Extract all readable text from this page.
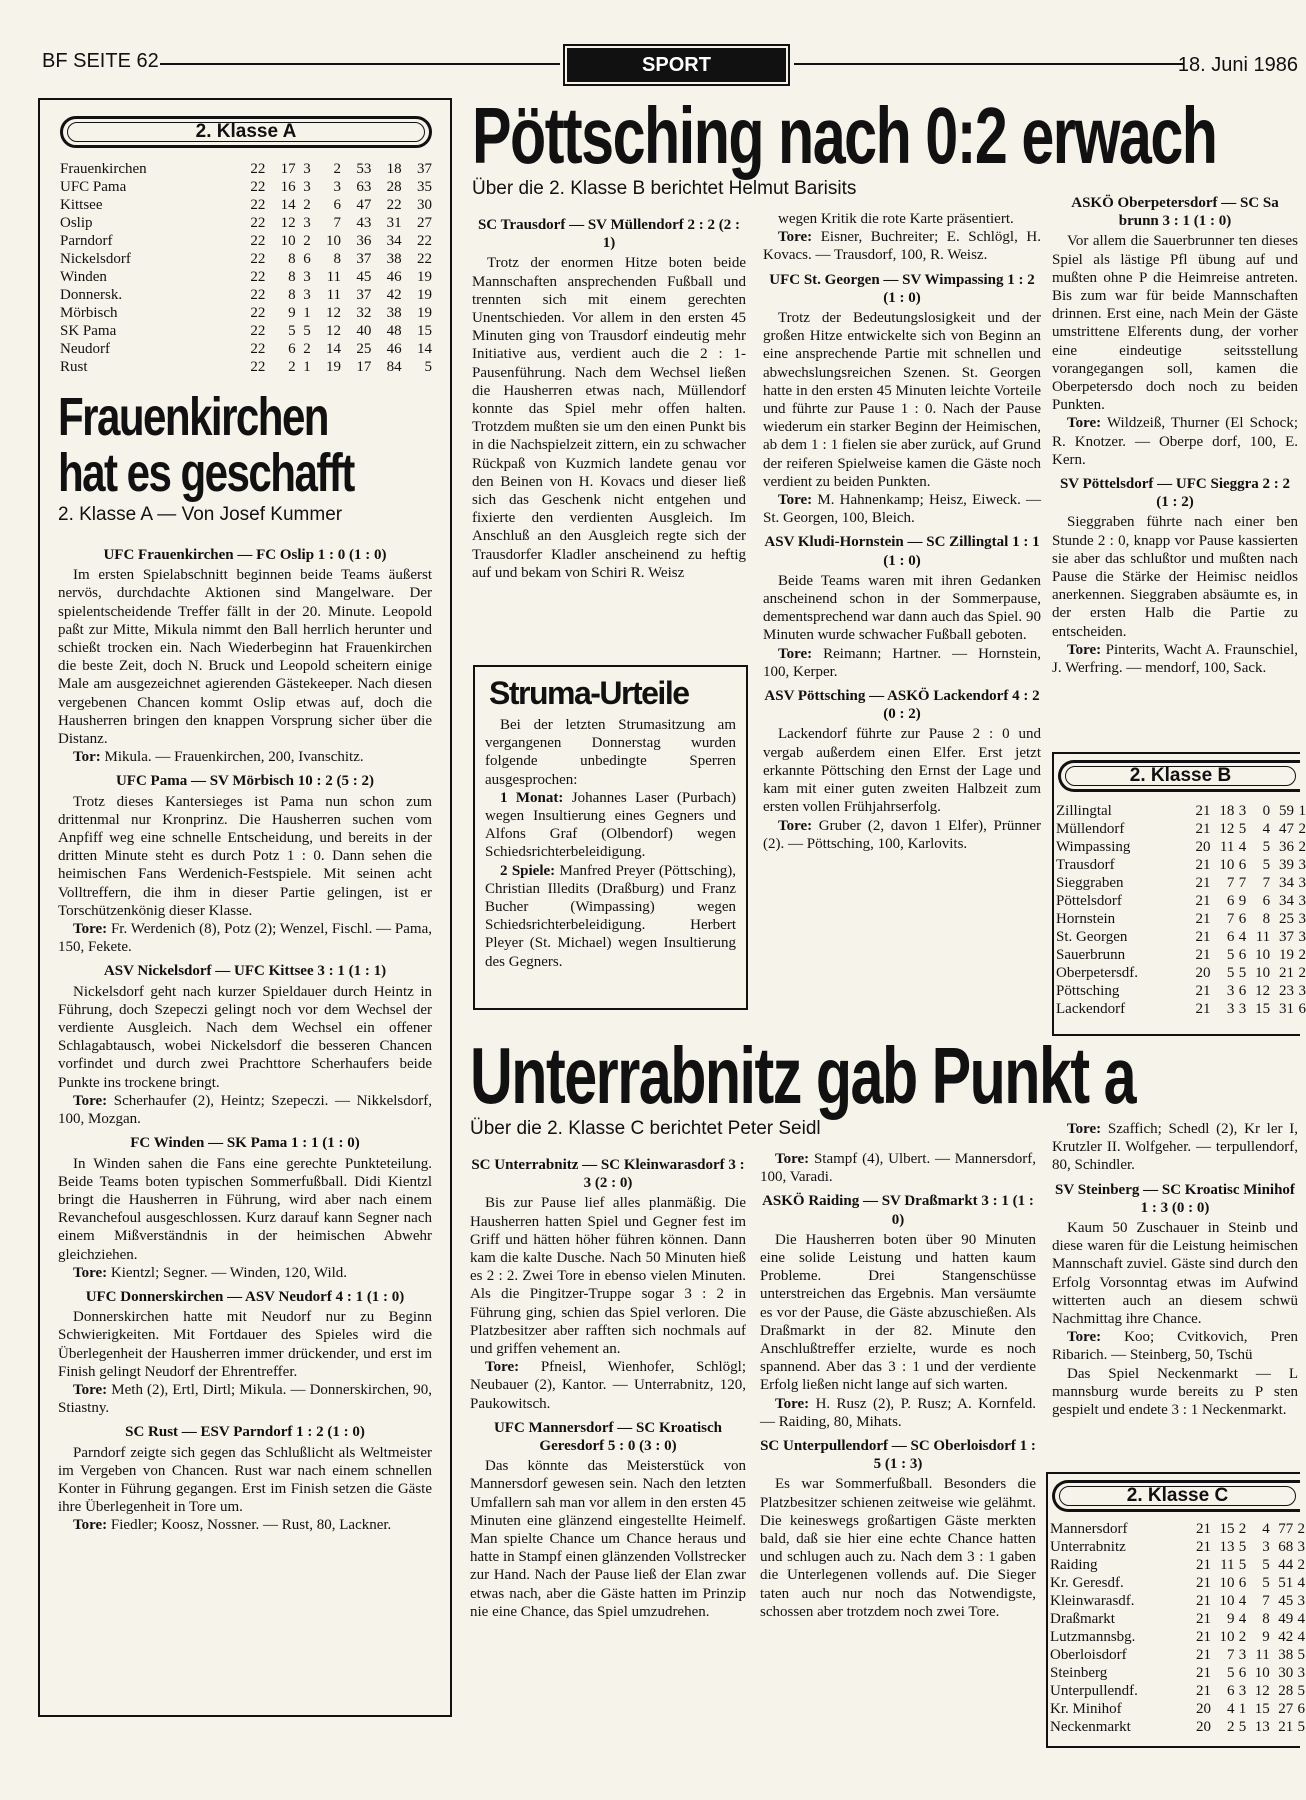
BF SEITE 62	SPORT	18. Juni 1986
2. Klasse A
Frauenkirchen	22	17	3	2	53	18	37
UFC Pama	22	16	3	3	63	28	35
Kittsee	22	14	2	6	47	22	30
Oslip	22	12	3	7	43	31	27
Parndorf	22	10	2	10	36	34	22
Nickelsdorf	22	8	6	8	37	38	22
Winden	22	8	3	11	45	46	19
Donnersk.	22	8	3	11	37	42	19
Mörbisch	22	9	1	12	32	38	19
SK Pama	22	5	5	12	40	48	15
Neudorf	22	6	2	14	25	46	14
Rust	22	2	1	19	17	84	5
Frauenkirchen
hat es geschafft
2. Klasse A — Von Josef Kummer
UFC Frauenkirchen — FC Oslip 1 : 0 (1 : 0)

Im ersten Spielabschnitt beginnen beide Teams äußerst nervös, durchdachte Aktionen sind Mangelware. Der spielentscheidende Treffer fällt in der 20. Minute. Leopold paßt zur Mitte, Mikula nimmt den Ball herrlich herunter und schießt trocken ein. Nach Wiederbeginn hat Frauenkirchen die beste Zeit, doch N. Bruck und Leopold scheitern einige Male am ausgezeichnet agierenden Gästekeeper. Nach diesen vergebenen Chancen kommt Oslip etwas auf, doch die Hausherren bringen den knappen Vorsprung sicher über die Distanz.

Tor: Mikula. — Frauenkirchen, 200, Ivanschitz.

UFC Pama — SV Mörbisch 10 : 2 (5 : 2)

Trotz dieses Kantersieges ist Pama nun schon zum drittenmal nur Kronprinz. Die Hausherren suchen vom Anpfiff weg eine schnelle Entscheidung, und bereits in der dritten Minute steht es durch Potz 1 : 0. Dann sehen die heimischen Fans Werdenich-Festspiele. Mit seinen acht Volltreffern, die ihm in dieser Partie gelingen, ist er Torschützenkönig dieser Klasse.

Tore: Fr. Werdenich (8), Potz (2); Wenzel, Fischl. — Pama, 150, Fekete.

ASV Nickelsdorf — UFC Kittsee 3 : 1 (1 : 1)

Nickelsdorf geht nach kurzer Spieldauer durch Heintz in Führung, doch Szepeczi gelingt noch vor dem Wechsel der verdiente Ausgleich. Nach dem Wechsel ein offener Schlagabtausch, wobei Nickelsdorf die besseren Chancen vorfindet und durch zwei Prachttore Scherhaufers beide Punkte ins trockene bringt.

Tore: Scherhaufer (2), Heintz; Szepeczi. — Nikkelsdorf, 100, Mozgan.

FC Winden — SK Pama 1 : 1 (1 : 0)

In Winden sahen die Fans eine gerechte Punkteteilung. Beide Teams boten typischen Sommerfußball. Didi Kientzl bringt die Hausherren in Führung, wird aber nach einem Revanchefoul ausgeschlossen. Kurz darauf kann Segner nach einem Mißverständnis in der heimischen Abwehr gleichziehen.

Tore: Kientzl; Segner. — Winden, 120, Wild.

UFC Donnerskirchen — ASV Neudorf 4 : 1 (1 : 0)

Donnerskirchen hatte mit Neudorf nur zu Beginn Schwierigkeiten. Mit Fortdauer des Spieles wird die Überlegenheit der Hausherren immer drückender, und erst im Finish gelingt Neudorf der Ehrentreffer.

Tore: Meth (2), Ertl, Dirtl; Mikula. — Donnerskirchen, 90, Stiastny.

SC Rust — ESV Parndorf 1 : 2 (1 : 0)

Parndorf zeigte sich gegen das Schlußlicht als Weltmeister im Vergeben von Chancen. Rust war nach einem schnellen Konter in Führung gegangen. Erst im Finish setzen die Gäste ihre Überlegenheit in Tore um.

Tore: Fiedler; Koosz, Nossner. — Rust, 80, Lackner.

Pöttsching nach 0:2 erwach
Über die 2. Klasse B berichtet Helmut Barisits
SC Trausdorf — SV Müllendorf 2 : 2 (2 : 1)

Trotz der enormen Hitze boten beide Mannschaften ansprechenden Fußball und trennten sich mit einem gerechten Unentschieden. Vor allem in den ersten 45 Minuten ging von Trausdorf eindeutig mehr Initiative aus, verdient auch die 2 : 1-Pausenführung. Nach dem Wechsel ließen die Hausherren etwas nach, Müllendorf konnte das Spiel mehr offen halten. Trotzdem mußten sie um den einen Punkt bis in die Nachspielzeit zittern, ein zu schwacher Rückpaß von Kuzmich landete genau vor den Beinen von H. Kovacs und dieser ließ sich das Geschenk nicht entgehen und fixierte den verdienten Ausgleich. Im Anschluß an den Ausgleich regte sich der Trausdorfer Kladler anscheinend zu heftig auf und bekam von Schiri R. Weisz

wegen Kritik die rote Karte präsentiert.

Tore: Eisner, Buchreiter; E. Schlögl, H. Kovacs. — Trausdorf, 100, R. Weisz.

UFC St. Georgen — SV Wimpassing 1 : 2 (1 : 0)

Trotz der Bedeutungslosigkeit und der großen Hitze entwickelte sich von Beginn an eine ansprechende Partie mit schnellen und abwechslungsreichen Szenen. St. Georgen hatte in den ersten 45 Minuten leichte Vorteile und führte zur Pause 1 : 0. Nach der Pause wiederum ein starker Beginn der Heimischen, ab dem 1 : 1 fielen sie aber zurück, auf Grund der reiferen Spielweise kamen die Gäste noch verdient zu beiden Punkten.

Tore: M. Hahnenkamp; Heisz, Eiweck. — St. Georgen, 100, Bleich.

ASV Kludi-Hornstein — SC Zillingtal 1 : 1 (1 : 0)

Beide Teams waren mit ihren Gedanken anscheinend schon in der Sommerpause, dementsprechend war dann auch das Spiel. 90 Minuten wurde schwacher Fußball geboten.

Tore: Reimann; Hartner. — Hornstein, 100, Kerper.

ASV Pöttsching — ASKÖ Lackendorf 4 : 2 (0 : 2)

Lackendorf führte zur Pause 2 : 0 und vergab außerdem einen Elfer. Erst jetzt erkannte Pöttsching den Ernst der Lage und kam mit einer guten zweiten Halbzeit zum ersten vollen Frühjahrserfolg.

Tore: Gruber (2, davon 1 Elfer), Prünner (2). — Pöttsching, 100, Karlovits.

ASKÖ Oberpetersdorf — SC Sa brunn 3 : 1 (1 : 0)

Vor allem die Sauerbrunner ten dieses Spiel als lästige Pfl übung auf und mußten ohne P die Heimreise antreten. Bis zum war für beide Mannschaften drinnen. Erst eine, nach Mein der Gäste umstrittene Elferents dung, der vorher eine eindeutige seitsstellung vorangegangen soll, kamen die Oberpetersdo doch noch zu beiden Punkten.

Tore: Wildzeiß, Thurner (El Schock; R. Knotzer. — Oberpe dorf, 100, E. Kern.

SV Pöttelsdorf — UFC Sieggra 2 : 2 (1 : 2)

Sieggraben führte nach einer ben Stunde 2 : 0, knapp vor Pause kassierten sie aber das schlußtor und mußten nach Pause die Stärke der Heimisc neidlos anerkennen. Sieggraben absäumte es, in der ersten Halb die Partie zu entscheiden.

Tore: Pinterits, Wacht A. Fraunschiel, J. Werfring. — mendorf, 100, Sack.

Struma-Urteile

Bei der letzten Strumasitzung am vergangenen Donnerstag wurden folgende unbedingte Sperren ausgesprochen:

1 Monat: Johannes Laser (Purbach) wegen Insultierung eines Gegners und Alfons Graf (Olbendorf) wegen Schiedsrichterbeleidigung.

2 Spiele: Manfred Preyer (Pöttsching), Christian Illedits (Draßburg) und Franz Bucher (Wimpassing) wegen Schiedsrichterbeleidigung. Herbert Pleyer (St. Michael) wegen Insultierung des Gegners.

2. Klasse B
Zillingtal	21	18	3	0	59	1
Müllendorf	21	12	5	4	47	2
Wimpassing	20	11	4	5	36	2
Trausdorf	21	10	6	5	39	3
Sieggraben	21	7	7	7	34	3
Pöttelsdorf	21	6	9	6	34	3
Hornstein	21	7	6	8	25	3
St. Georgen	21	6	4	11	37	3
Sauerbrunn	21	5	6	10	19	2
Oberpetersdf.	20	5	5	10	21	2
Pöttsching	21	3	6	12	23	3
Lackendorf	21	3	3	15	31	6
Unterrabnitz gab Punkt a
Über die 2. Klasse C berichtet Peter Seidl
SC Unterrabnitz — SC Kleinwarasdorf 3 : 3 (2 : 0)

Bis zur Pause lief alles planmäßig. Die Hausherren hatten Spiel und Gegner fest im Griff und hätten höher führen können. Dann kam die kalte Dusche. Nach 50 Minuten hieß es 2 : 2. Zwei Tore in ebenso vielen Minuten. Als die Pingitzer-Truppe sogar 3 : 2 in Führung ging, schien das Spiel verloren. Die Platzbesitzer aber rafften sich nochmals auf und griffen vehement an.

Tore: Pfneisl, Wienhofer, Schlögl; Neubauer (2), Kantor. — Unterrabnitz, 120, Paukowitsch.

UFC Mannersdorf — SC Kroatisch Geresdorf 5 : 0 (3 : 0)

Das könnte das Meisterstück von Mannersdorf gewesen sein. Nach den letzten Umfallern sah man vor allem in den ersten 45 Minuten eine glänzend eingestellte Heimelf. Man spielte Chance um Chance heraus und hatte in Stampf einen glänzenden Vollstrecker zur Hand. Nach der Pause ließ der Elan zwar etwas nach, aber die Gäste hatten im Prinzip nie eine Chance, das Spiel umzudrehen.

Tore: Stampf (4), Ulbert. — Mannersdorf, 100, Varadi.

ASKÖ Raiding — SV Draßmarkt 3 : 1 (1 : 0)

Die Hausherren boten über 90 Minuten eine solide Leistung und hatten kaum Probleme. Drei Stangenschüsse unterstreichen das Ergebnis. Man versäumte es vor der Pause, die Gäste abzuschießen. Als Draßmarkt in der 82. Minute den Anschlußtreffer erzielte, wurde es noch spannend. Aber das 3 : 1 und der verdiente Erfolg ließen nicht lange auf sich warten.

Tore: H. Rusz (2), P. Rusz; A. Kornfeld. — Raiding, 80, Mihats.

SC Unterpullendorf — SC Oberloisdorf 1 : 5 (1 : 3)

Es war Sommerfußball. Besonders die Platzbesitzer schienen zeitweise wie gelähmt. Die keineswegs großartigen Gäste merkten bald, daß sie hier eine echte Chance hatten und schlugen auch zu. Nach dem 3 : 1 gaben die Unterlegenen vollends auf. Die Sieger taten auch nur noch das Notwendigste, schossen aber trotzdem noch zwei Tore.

Tore: Szaffich; Schedl (2), Kr ler I, Krutzler II. Wolfgeher. — terpullendorf, 80, Schindler.

SV Steinberg — SC Kroatisc Minihof 1 : 3 (0 : 0)

Kaum 50 Zuschauer in Steinb und diese waren für die Leistung heimischen Mannschaft zuviel. Gäste sind durch den Erfolg Vorsonntag etwas im Aufwind witterten auch an diesem schwü Nachmittag ihre Chance.

Tore: Koo; Cvitkovich, Pren Ribarich. — Steinberg, 50, Tschü

Das Spiel Neckenmarkt — L mannsburg wurde bereits zu P sten gespielt und endete 3 : 1 Neckenmarkt.

2. Klasse C
Mannersdorf	21	15	2	4	77	2
Unterrabnitz	21	13	5	3	68	3
Raiding	21	11	5	5	44	2
Kr. Geresdf.	21	10	6	5	51	4
Kleinwarasdf.	21	10	4	7	45	3
Draßmarkt	21	9	4	8	49	4
Lutzmannsbg.	21	10	2	9	42	4
Oberloisdorf	21	7	3	11	38	5
Steinberg	21	5	6	10	30	3
Unterpullendf.	21	6	3	12	28	5
Kr. Minihof	20	4	1	15	27	6
Neckenmarkt	20	2	5	13	21	5
